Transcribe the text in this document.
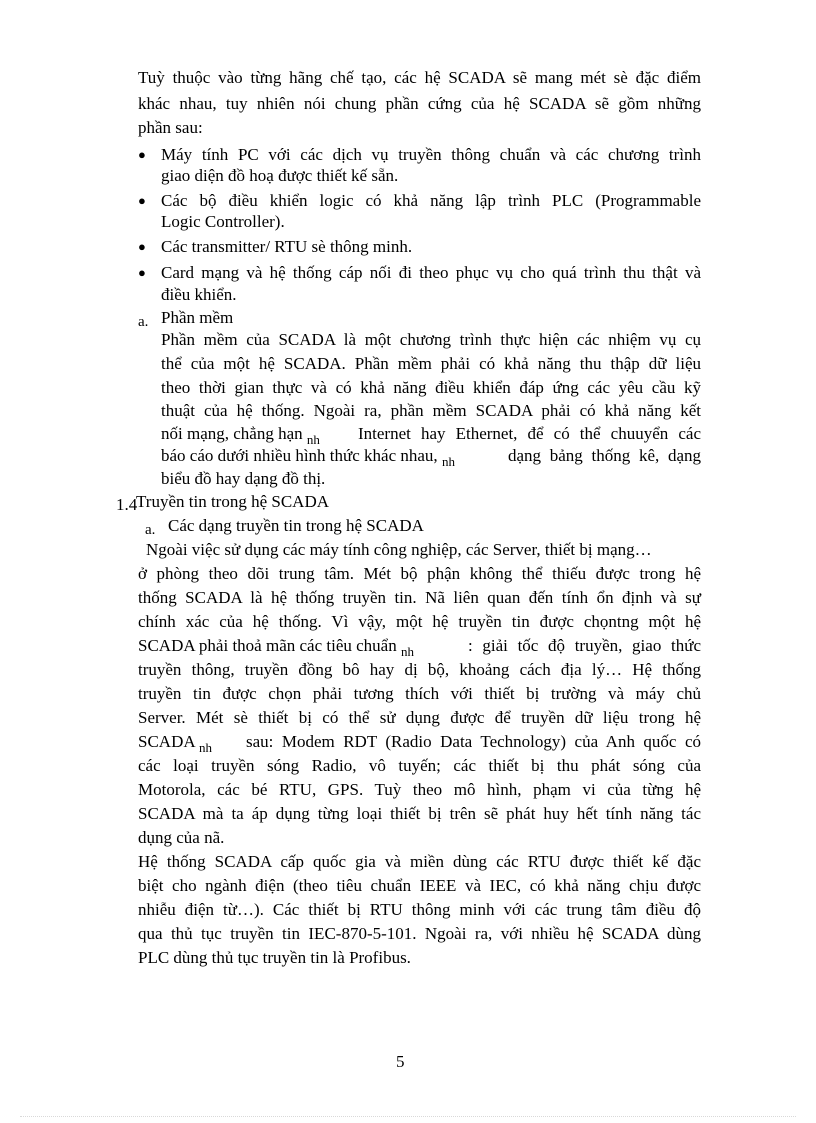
Tuỳ thuộc vào từng hãng chế tạo, các hệ SCADA sẽ mang mét sè đặc điểm
khác nhau, tuy nhiên nói chung phần cứng của hệ SCADA sẽ gồm những
phần sau:
● Máy tính PC với các dịch vụ truyền thông chuẩn và các chương trình
giao diện đồ hoạ được thiết kế sẵn.
● Các bộ điều khiển logic có khả năng lập trình PLC (Programmable
Logic Controller).
● Các transmitter/ RTU sè thông minh.
● Card mạng và hệ thống cáp nối đi theo phục vụ cho quá trình thu thật và
điều khiển.
a. Phần mềm
Phần mềm của SCADA là một chương trình thực hiện các nhiệm vụ cụ
thể của một hệ SCADA. Phần mềm phải có khả năng thu thập dữ liệu
theo thời gian thực và có khả năng điều khiển đáp ứng các yêu cầu kỹ
thuật của hệ thống. Ngoài ra, phần mềm SCADA phải có khả năng kết
nối mạng, chẳng hạn $_{nh}$ Internet hay Ethernet, để có thể chuuyển các
báo cáo dưới nhiều hình thức khác nhau, $_{nh}$	dạng bảng thống kê, dạng
biểu đồ hay dạng đồ thị.
1.4
Truyền tin trong hệ SCADA
a. Các dạng truyền tin trong hệ SCADA
Ngoài việc sử dụng các máy tính công nghiệp, các Server, thiết bị mạng…
ở phòng theo dõi trung tâm. Mét bộ phận không thể thiếu được trong hệ
thống SCADA là hệ thống truyền tin. Nã liên quan đến tính ổn định và sự
chính xác của hệ thống. Vì vậy, một hệ truyền tin được chọntng một hệ
SCADA phải thoả mãn các tiêu chuẩn $_{nh}$	: giải tốc độ truyền, giao thức
truyền thông, truyền đồng bô hay dị bộ, khoảng cách địa lý… Hệ thống
truyền tin được chọn phải tương thích với thiết bị trường và máy chủ
Server. Mét sè thiết bị có thể sử dụng được để truyền dữ liệu trong hệ
SCADA $_{nh}$ sau: Modem RDT (Radio Data Technology) của Anh quốc có
các loại truyền sóng Radio, vô tuyến; các thiết bị thu phát sóng của
Motorola, các bé RTU, GPS. Tuỳ theo mô hình, phạm vi của từng hệ
SCADA mà ta áp dụng từng loại thiết bị trên sẽ phát huy hết tính năng tác
dụng của nã.
Hệ thống SCADA cấp quốc gia và miền dùng các RTU được thiết kế đặc
biệt cho ngành điện (theo tiêu chuẩn IEEE và IEC, có khả năng chịu được
nhiễu điện từ…). Các thiết bị RTU thông minh với các trung tâm điều độ
qua thủ tục truyền tin IEC-870-5-101. Ngoài ra, với nhiều hệ SCADA dùng
PLC dùng thủ tục truyền tin là Profibus.
5
